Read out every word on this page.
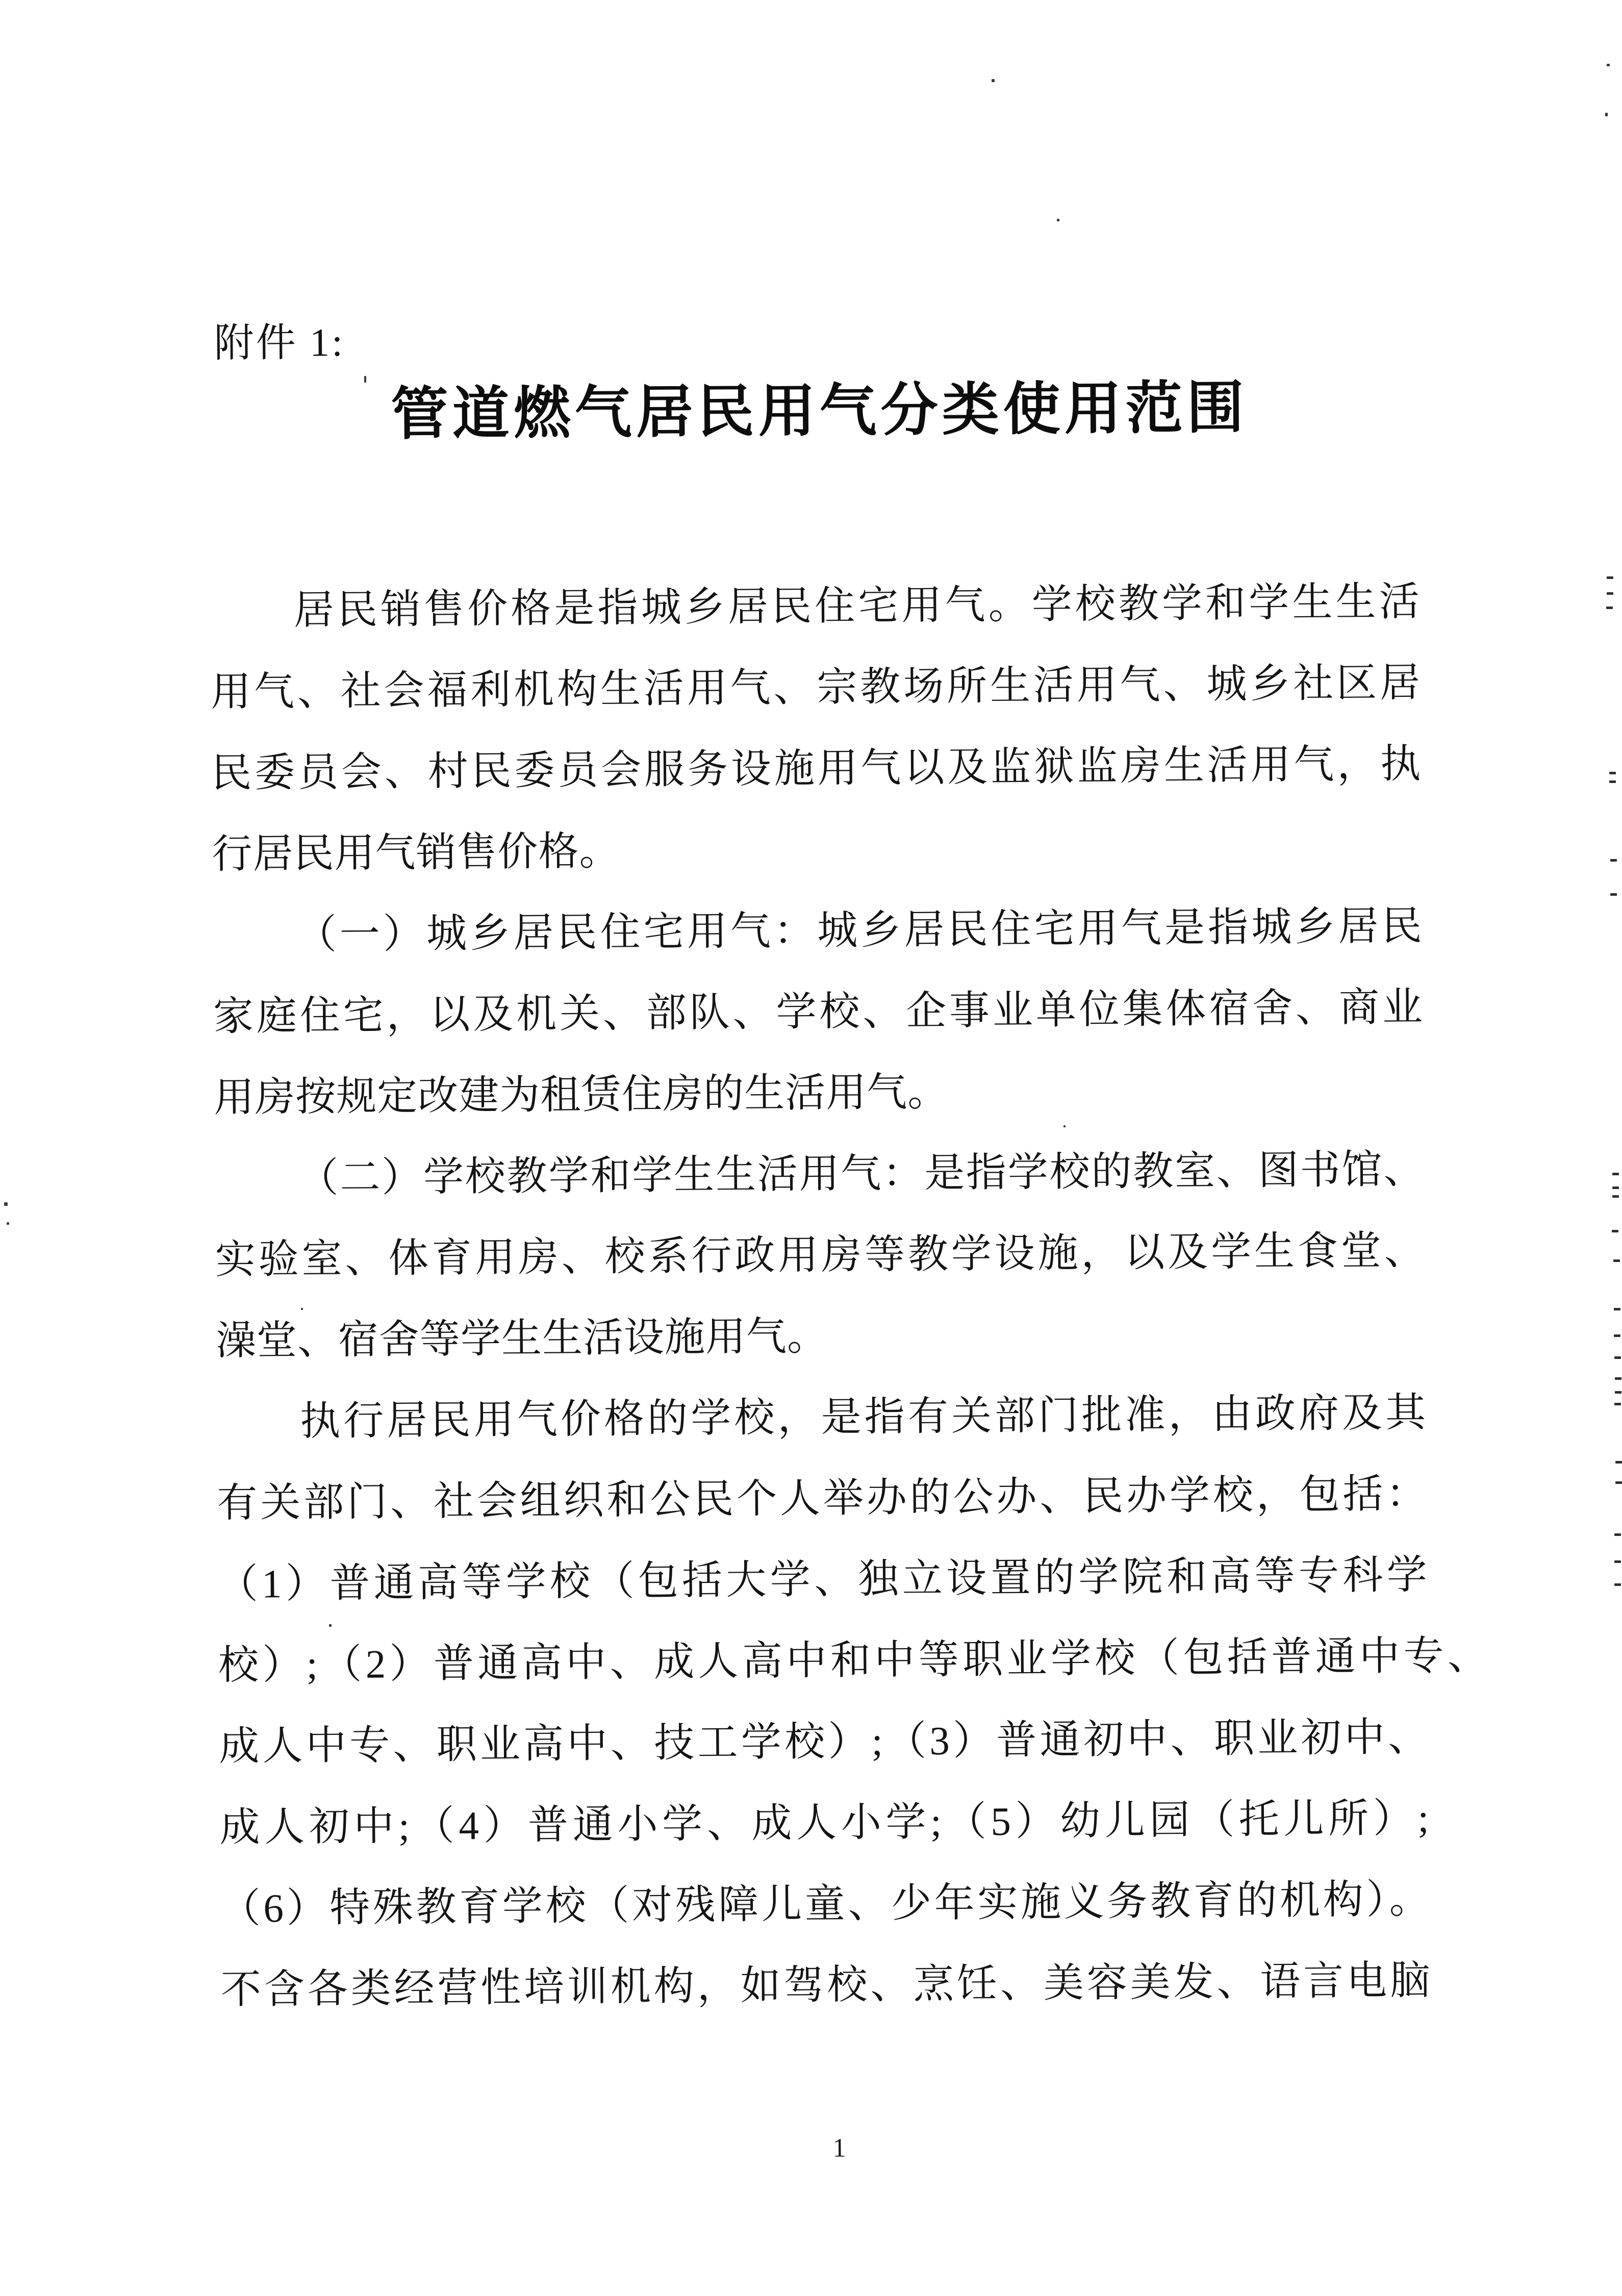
附件 1:
管道燃气居民用气分类使用范围
居民销售价格是指城乡居民住宅用气。学校教学和学生生活
用气、社会福利机构生活用气、宗教场所生活用气、城乡社区居
民委员会、村民委员会服务设施用气以及监狱监房生活用气，执
行居民用气销售价格。
（一）城乡居民住宅用气：城乡居民住宅用气是指城乡居民
家庭住宅，以及机关、部队、学校、企事业单位集体宿舍、商业
用房按规定改建为租赁住房的生活用气。
（二）学校教学和学生生活用气：是指学校的教室、图书馆、
实验室、体育用房、校系行政用房等教学设施，以及学生食堂、
澡堂、宿舍等学生生活设施用气。
执行居民用气价格的学校，是指有关部门批准，由政府及其
有关部门、社会组织和公民个人举办的公办、民办学校，包括：
（1）普通高等学校（包括大学、独立设置的学院和高等专科学
校）;（2）普通高中、成人高中和中等职业学校（包括普通中专、
成人中专、职业高中、技工学校）;（3）普通初中、职业初中、
成人初中;（4）普通小学、成人小学;（5）幼儿园（托儿所）;
（6）特殊教育学校（对残障儿童、少年实施义务教育的机构）。
不含各类经营性培训机构，如驾校、烹饪、美容美发、语言电脑
1
